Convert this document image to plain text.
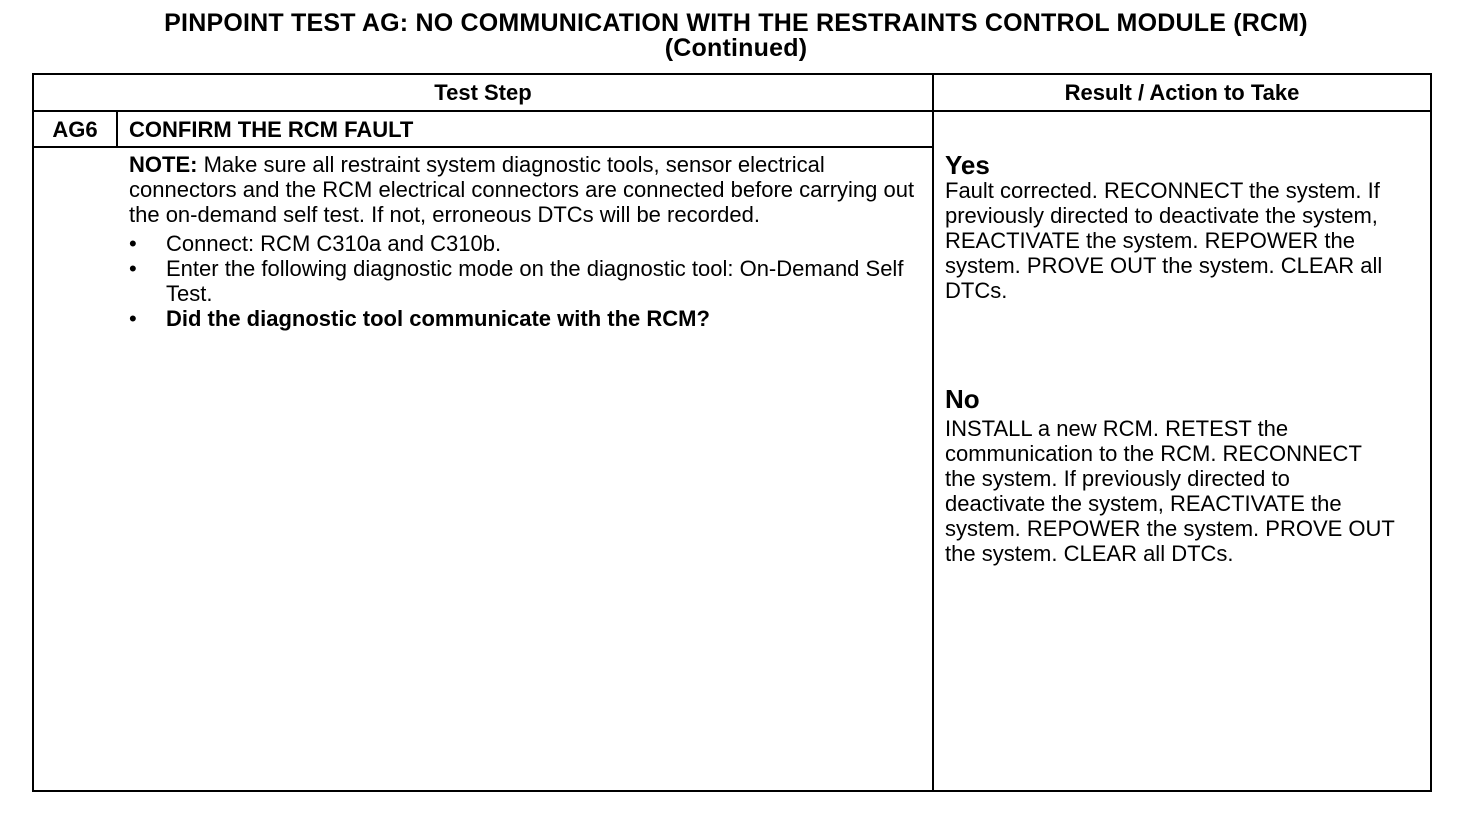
PINPOINT TEST AG: NO COMMUNICATION WITH THE RESTRAINTS CONTROL MODULE (RCM)
(Continued)
Test Step	Result / Action to Take
AG6	CONFIRM THE RCM FAULT
NOTE: Make sure all restraint system diagnostic tools, sensor electrical connectors and the RCM electrical connectors are connected before carrying out the on-demand self test. If not, erroneous DTCs will be recorded.
•	Connect: RCM C310a and C310b.
•	Enter the following diagnostic mode on the diagnostic tool: On-Demand Self Test.
•	Did the diagnostic tool communicate with the RCM?
Yes
Fault corrected. RECONNECT the system. If previously directed to deactivate the system, REACTIVATE the system. REPOWER the system. PROVE OUT the system. CLEAR all DTCs.
No
INSTALL a new RCM. RETEST the communication to the RCM. RECONNECT the system. If previously directed to deactivate the system, REACTIVATE the system. REPOWER the system. PROVE OUT the system. CLEAR all DTCs.
